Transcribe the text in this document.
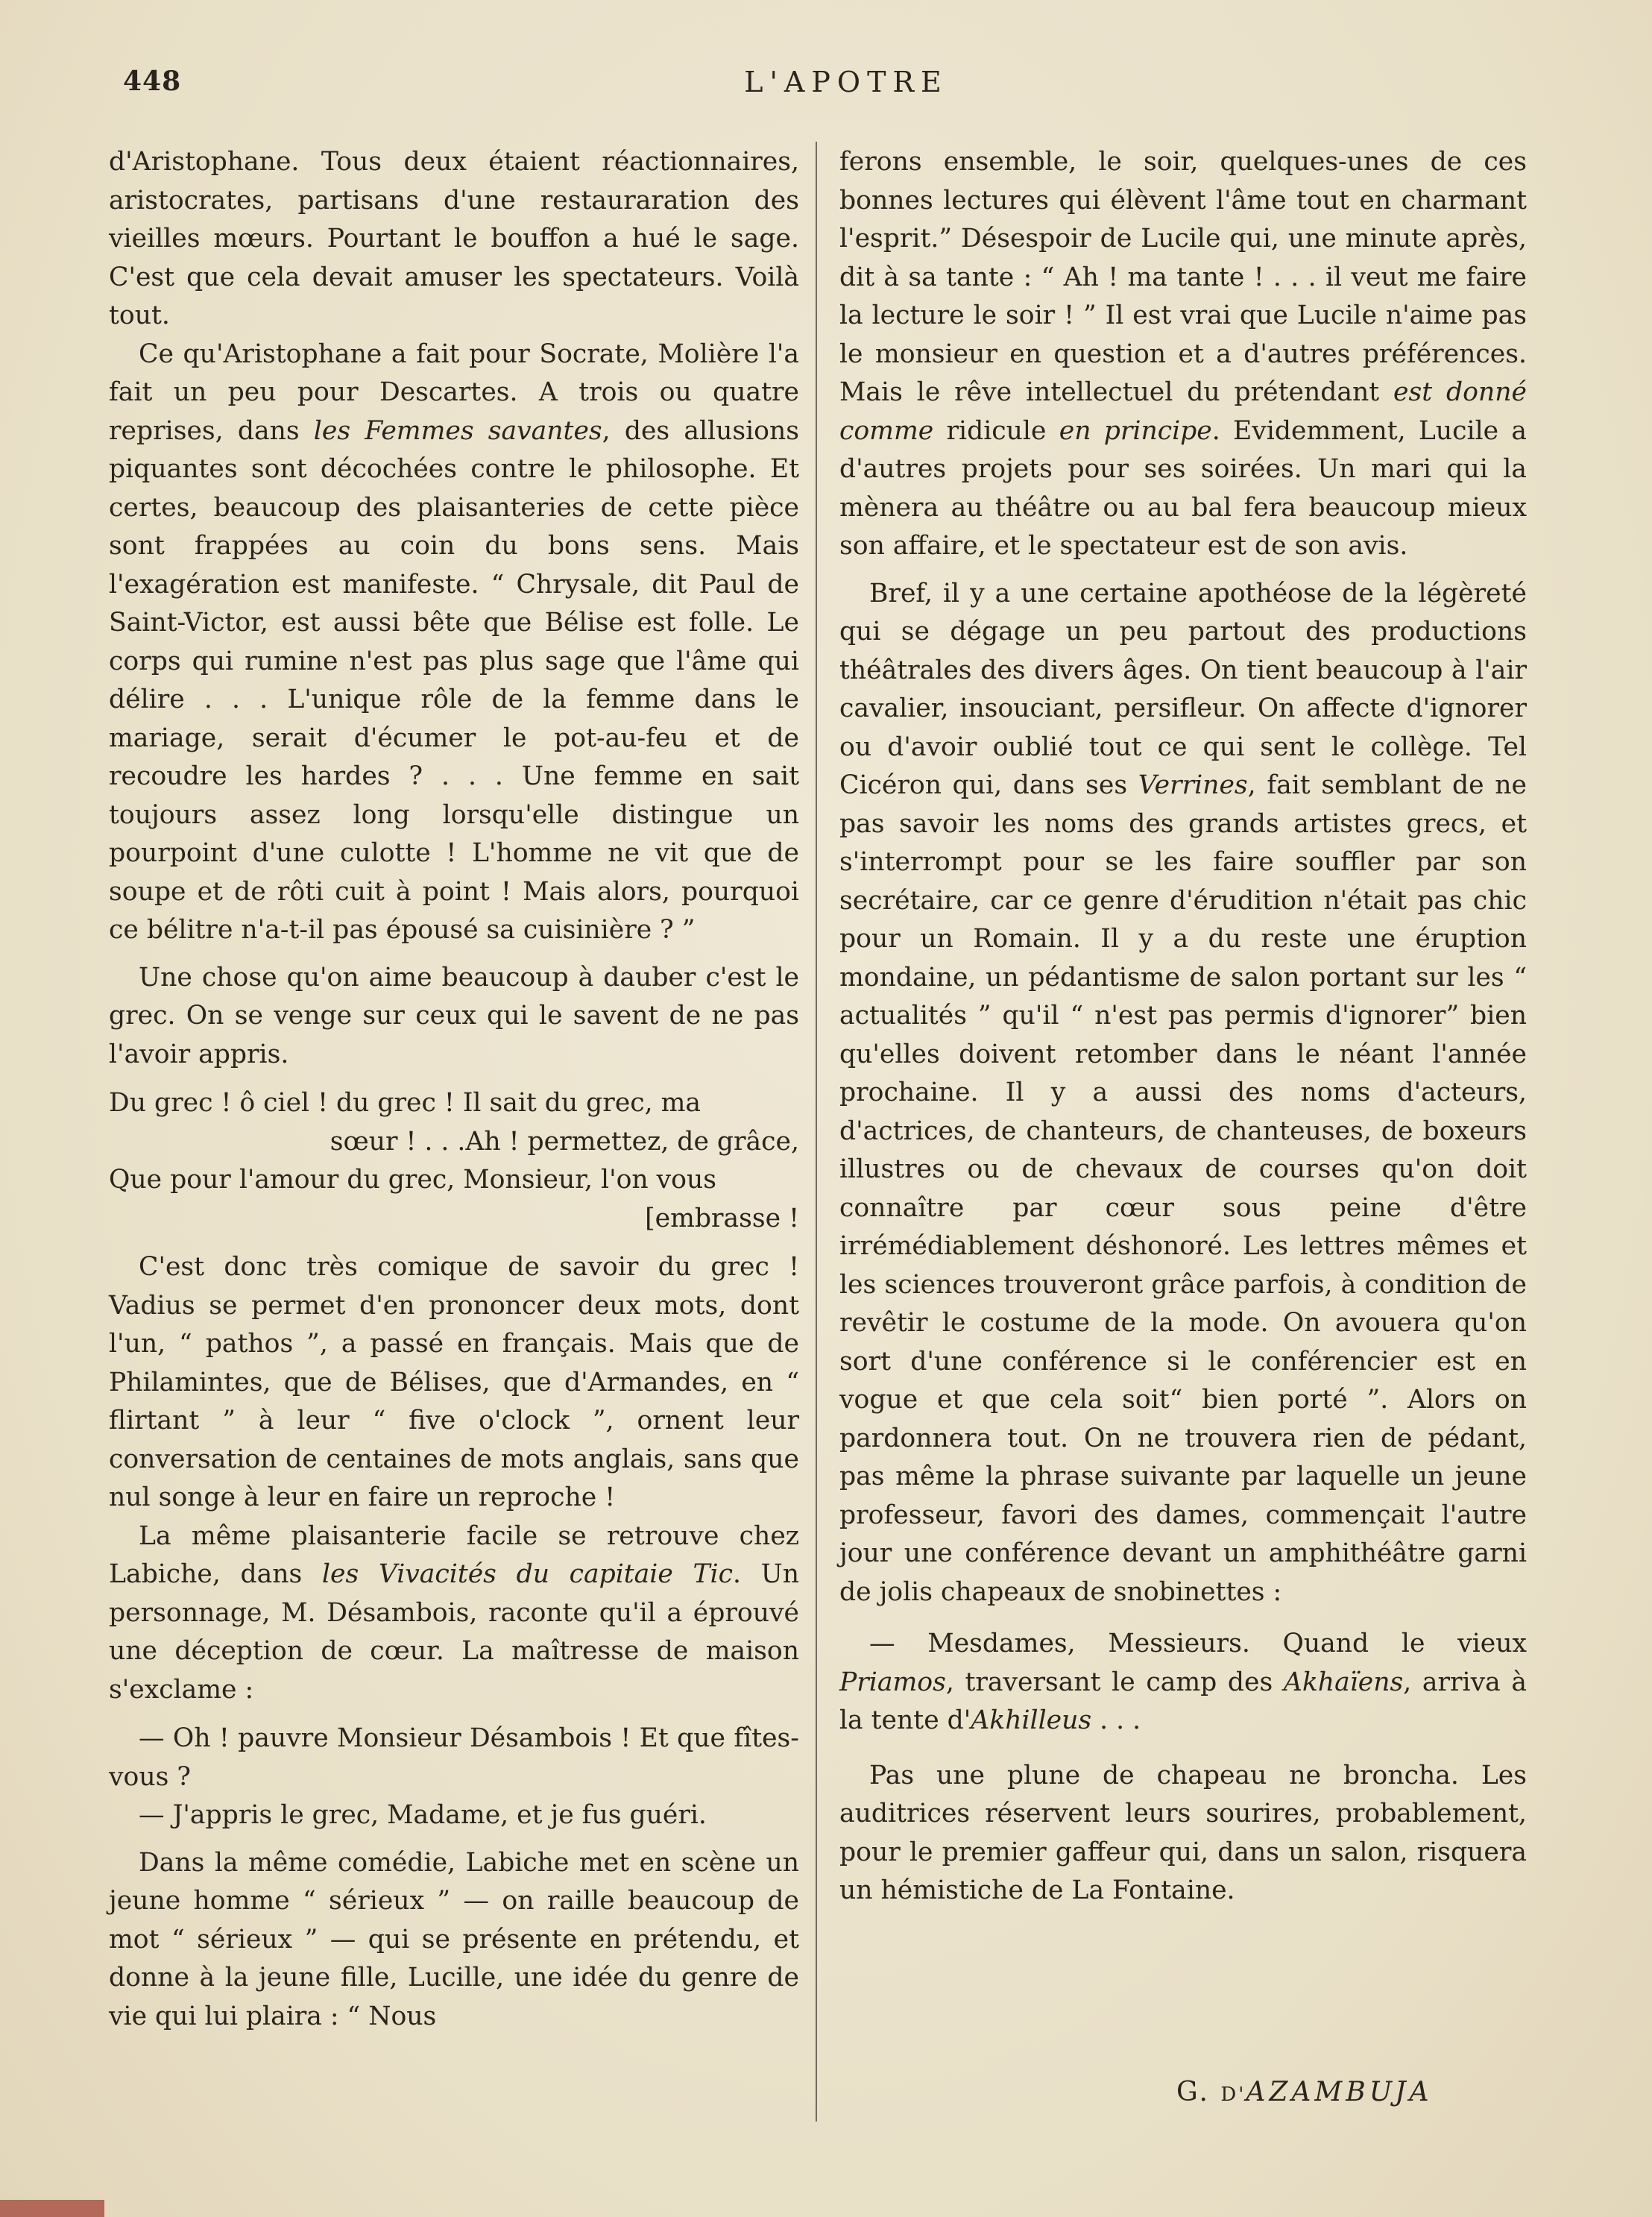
448	L'APOTRE

d'Aristophane. Tous deux étaient réactionnaires, aristocrates, partisans d'une restauraration des vieilles mœurs. Pourtant le bouffon a hué le sage. C'est que cela devait amuser les spectateurs. Voilà tout.

Ce qu'Aristophane a fait pour Socrate, Molière l'a fait un peu pour Descartes. A trois ou quatre reprises, dans les Femmes savantes, des allusions piquantes sont décochées contre le philosophe. Et certes, beaucoup des plaisanteries de cette pièce sont frappées au coin du bons sens. Mais l'exagération est manifeste. “ Chrysale, dit Paul de Saint-Victor, est aussi bête que Bélise est folle. Le corps qui rumine n'est pas plus sage que l'âme qui délire . . . L'unique rôle de la femme dans le mariage, serait d'écumer le pot-au-feu et de recoudre les hardes ? . . . Une femme en sait toujours assez long lorsqu'elle distingue un pourpoint d'une culotte ! L'homme ne vit que de soupe et de rôti cuit à point ! Mais alors, pourquoi ce bélitre n'a-t-il pas épousé sa cuisinière ? ”

Une chose qu'on aime beaucoup à dauber c'est le grec. On se venge sur ceux qui le savent de ne pas l'avoir appris.

Du grec ! ô ciel ! du grec ! Il sait du grec, ma
sœur ! . . .Ah ! permettez, de grâce,
Que pour l'amour du grec, Monsieur, l'on vous
[embrasse !

C'est donc très comique de savoir du grec ! Vadius se permet d'en prononcer deux mots, dont l'un, “ pathos ”, a passé en français. Mais que de Philamintes, que de Bélises, que d'Armandes, en “ flirtant ” à leur “ five o'clock ”, ornent leur conversation de centaines de mots anglais, sans que nul songe à leur en faire un reproche !

La même plaisanterie facile se retrouve chez Labiche, dans les Vivacités du capitaie Tic. Un personnage, M. Désambois, raconte qu'il a éprouvé une déception de cœur. La maîtresse de maison s'exclame :

— Oh ! pauvre Monsieur Désambois ! Et que fîtes-vous ?

— J'appris le grec, Madame, et je fus guéri.

Dans la même comédie, Labiche met en scène un jeune homme “ sérieux ” — on raille beaucoup de mot “ sérieux ” — qui se présente en prétendu, et donne à la jeune fille, Lucille, une idée du genre de vie qui lui plaira : “ Nous

ferons ensemble, le soir, quelques-unes de ces bonnes lectures qui élèvent l'âme tout en charmant l'esprit.” Désespoir de Lucile qui, une minute après, dit à sa tante : “ Ah ! ma tante ! . . . il veut me faire la lecture le soir ! ” Il est vrai que Lucile n'aime pas le monsieur en question et a d'autres préférences. Mais le rêve intellectuel du prétendant est donné comme ridicule en principe. Evidemment, Lucile a d'autres projets pour ses soirées. Un mari qui la mènera au théâtre ou au bal fera beaucoup mieux son affaire, et le spectateur est de son avis.

Bref, il y a une certaine apothéose de la légèreté qui se dégage un peu partout des productions théâtrales des divers âges. On tient beaucoup à l'air cavalier, insouciant, persifleur. On affecte d'ignorer ou d'avoir oublié tout ce qui sent le collège. Tel Cicéron qui, dans ses Verrines, fait semblant de ne pas savoir les noms des grands artistes grecs, et s'interrompt pour se les faire souffler par son secrétaire, car ce genre d'érudition n'était pas chic pour un Romain. Il y a du reste une éruption mondaine, un pédantisme de salon portant sur les “ actualités ” qu'il “ n'est pas permis d'ignorer” bien qu'elles doivent retomber dans le néant l'année prochaine. Il y a aussi des noms d'acteurs, d'actrices, de chanteurs, de chanteuses, de boxeurs illustres ou de chevaux de courses qu'on doit connaître par cœur sous peine d'être irrémédiablement déshonoré. Les lettres mêmes et les sciences trouveront grâce parfois, à condition de revêtir le costume de la mode. On avouera qu'on sort d'une conférence si le conférencier est en vogue et que cela soit“ bien porté ”. Alors on pardonnera tout. On ne trouvera rien de pédant, pas même la phrase suivante par laquelle un jeune professeur, favori des dames, commençait l'autre jour une conférence devant un amphithéâtre garni de jolis chapeaux de snobinettes :

— Mesdames, Messieurs. Quand le vieux Priamos, traversant le camp des Akhaïens, arriva à la tente d'Akhilleus . . .

Pas une plune de chapeau ne broncha. Les auditrices réservent leurs sourires, probablement, pour le premier gaffeur qui, dans un salon, risquera un hémistiche de La Fontaine.

G. D'AZAMBUJA
